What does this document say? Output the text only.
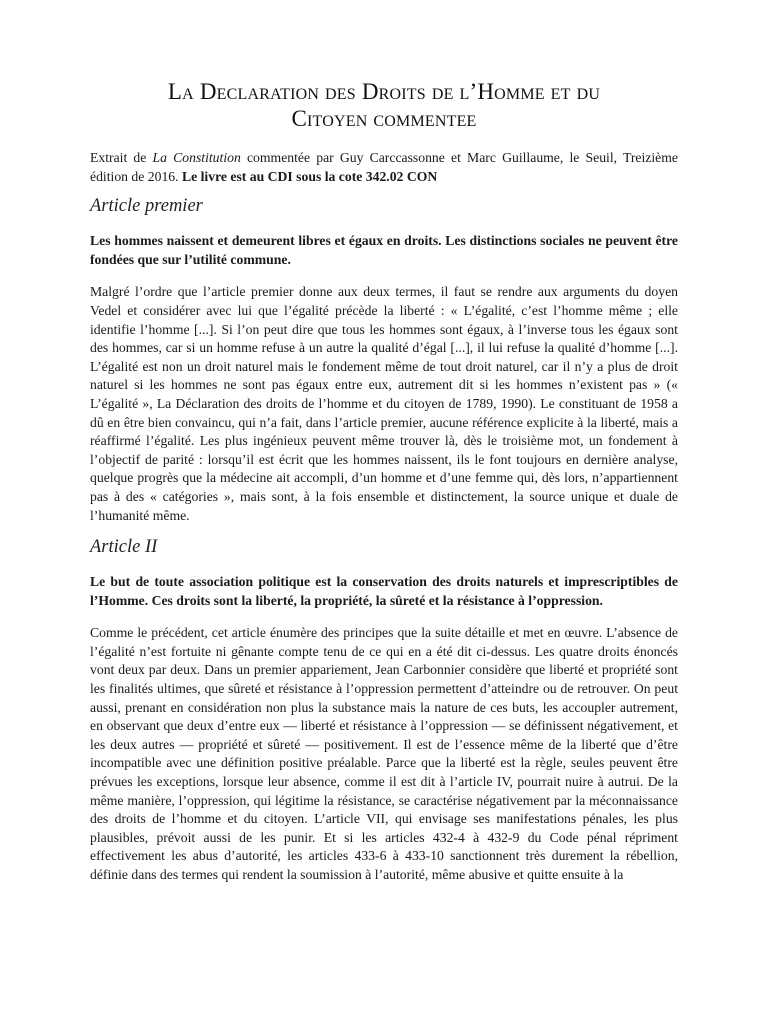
La Declaration des Droits de l’Homme et du
Citoyen commentee

Extrait de La Constitution commentée par Guy Carccassonne et Marc Guillaume, le Seuil, Treizième édition de 2016. Le livre est au CDI sous la cote 342.02 CON

Article premier

Les hommes naissent et demeurent libres et égaux en droits. Les distinctions sociales ne peuvent être fondées que sur l’utilité commune.

Malgré l’ordre que l’article premier donne aux deux termes, il faut se rendre aux arguments du doyen Vedel et considérer avec lui que l’égalité précède la liberté : « L’égalité, c’est l’homme même ; elle identifie l’homme [...]. Si l’on peut dire que tous les hommes sont égaux, à l’inverse tous les égaux sont des hommes, car si un homme refuse à un autre la qualité d’égal [...], il lui refuse la qualité d’homme [...]. L’égalité est non un droit naturel mais le fondement même de tout droit naturel, car il n’y a plus de droit naturel si les hommes ne sont pas égaux entre eux, autrement dit si les hommes n’existent pas » (« L’égalité », La Déclaration des droits de l’homme et du citoyen de 1789, 1990). Le constituant de 1958 a dû en être bien convaincu, qui n’a fait, dans l’article premier, aucune référence explicite à la liberté, mais a réaffirmé l’égalité. Les plus ingénieux peuvent même trouver là, dès le troisième mot, un fondement à l’objectif de parité : lorsqu’il est écrit que les hommes naissent, ils le font toujours en dernière analyse, quelque progrès que la médecine ait accompli, d’un homme et d’une femme qui, dès lors, n’appartiennent pas à des « catégories », mais sont, à la fois ensemble et distinctement, la source unique et duale de l’humanité même.

Article II

Le but de toute association politique est la conservation des droits naturels et imprescriptibles de l’Homme. Ces droits sont la liberté, la propriété, la sûreté et la résistance à l’oppression.

Comme le précédent, cet article énumère des principes que la suite détaille et met en œuvre. L’absence de l’égalité n’est fortuite ni gênante compte tenu de ce qui en a été dit ci-dessus. Les quatre droits énoncés vont deux par deux. Dans un premier appariement, Jean Carbonnier considère que liberté et propriété sont les finalités ultimes, que sûreté et résistance à l’oppression permettent d’atteindre ou de retrouver. On peut aussi, prenant en considération non plus la substance mais la nature de ces buts, les accoupler autrement, en observant que deux d’entre eux — liberté et résistance à l’oppression — se définissent négativement, et les deux autres — propriété et sûreté — positivement. Il est de l’essence même de la liberté que d’être incompatible avec une définition positive préalable. Parce que la liberté est la règle, seules peuvent être prévues les exceptions, lorsque leur absence, comme il est dit à l’article IV, pourrait nuire à autrui. De la même manière, l’oppression, qui légitime la résistance, se caractérise négativement par la méconnaissance des droits de l’homme et du citoyen. L’article VII, qui envisage ses manifestations pénales, les plus plausibles, prévoit aussi de les punir. Et si les articles 432-4 à 432-9 du Code pénal répriment effectivement les abus d’autorité, les articles 433-6 à 433-10 sanctionnent très durement la rébellion, définie dans des termes qui rendent la soumission à l’autorité, même abusive et quitte ensuite à la
